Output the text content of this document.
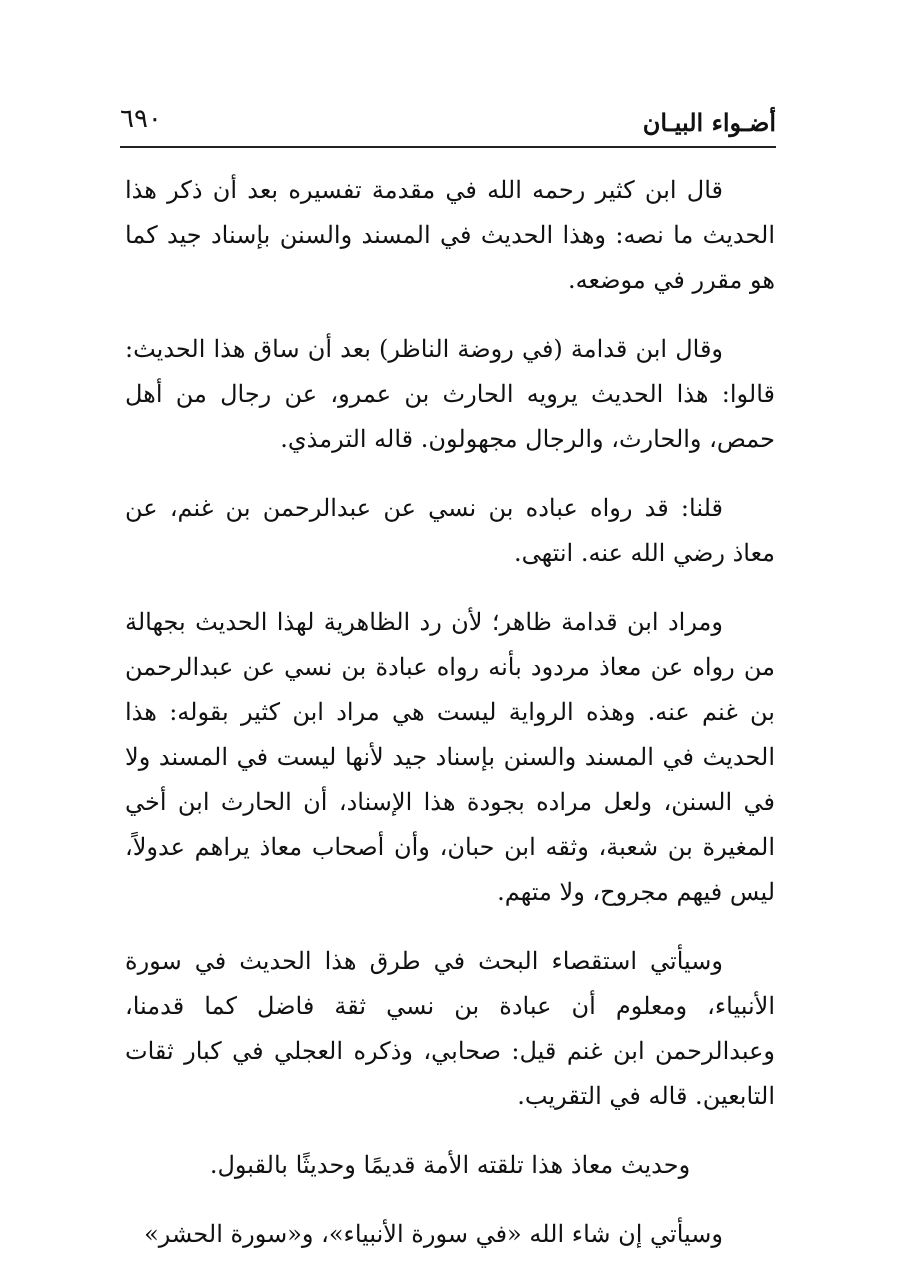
أضـواء البيـان
٦٩٠

قال ابن كثير رحمه الله في مقدمة تفسيره بعد أن ذكر هذا الحديث ما نصه: وهذا الحديث في المسند والسنن بإسناد جيد كما هو مقرر في موضعه.

وقال ابن قدامة (في روضة الناظر) بعد أن ساق هذا الحديث: قالوا: هذا الحديث يرويه الحارث بن عمرو، عن رجال من أهل حمص، والحارث، والرجال مجهولون. قاله الترمذي.

قلنا: قد رواه عباده بن نسي عن عبدالرحمن بن غنم، عن معاذ رضي الله عنه. انتهى.

ومراد ابن قدامة ظاهر؛ لأن رد الظاهرية لهذا الحديث بجهالة من رواه عن معاذ مردود بأنه رواه عبادة بن نسي عن عبدالرحمن بن غنم عنه. وهذه الرواية ليست هي مراد ابن كثير بقوله: هذا الحديث في المسند والسنن بإسناد جيد لأنها ليست في المسند ولا في السنن، ولعل مراده بجودة هذا الإسناد، أن الحارث ابن أخي المغيرة بن شعبة، وثقه ابن حبان، وأن أصحاب معاذ يراهم عدولاً، ليس فيهم مجروح، ولا متهم.

وسيأتي استقصاء البحث في طرق هذا الحديث في سورة الأنبياء، ومعلوم أن عبادة بن نسي ثقة فاضل كما قدمنا، وعبدالرحمن ابن غنم قيل: صحابي، وذكره العجلي في كبار ثقات التابعين. قاله في التقريب.

وحديث معاذ هذا تلقته الأمة قديمًا وحديثًا بالقبول.

وسيأتي إن شاء الله «في سورة الأنبياء»، و«سورة الحشر»
